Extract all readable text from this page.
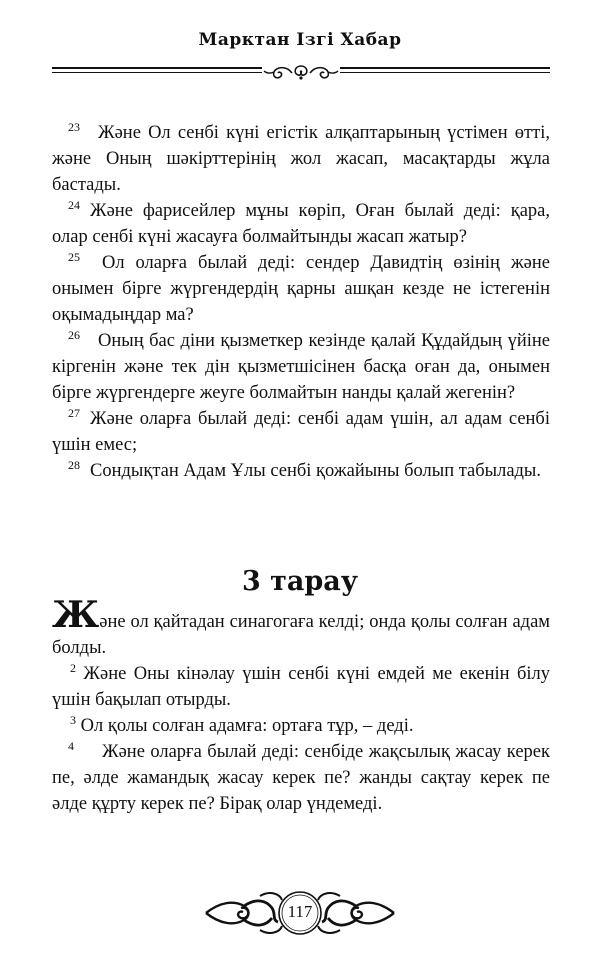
Марктан Ізгі Хабар

$^{23}$ Және Ол сенбі күні егістік алқаптарының үстімен өтті, және Оның шәкірттерінің жол жасап, масақтарды жұла бастады.

$^{24}$ Және фарисейлер мұны көріп, Оған былай деді: қара, олар сенбі күні жасауға болмайтынды жасап жатыр?

$^{25}$ Ол оларға былай деді: сендер Давидтің өзінің және онымен бірге жүргендердің қарны ашқан кезде не істегенін оқымадыңдар ма?

$^{26}$ Оның бас діни қызметкер кезінде қалай Құдайдың үйіне кіргенін және тек дін қызметшісінен басқа оған да, онымен бірге жүргендерге жеуге болмайтын нанды қалай жегенін?

$^{27}$ Және оларға былай деді: сенбі адам үшін, ал адам сенбі үшін емес;

$^{28}$ Сондықтан Адам Ұлы сенбі қожайыны болып табылады.

3 тарау

Және ол қайтадан синагогаға келді; онда қолы солған адам болды.

$^2$ Және Оны кінәлау үшін сенбі күні емдей ме екенін білу үшін бақылап отырды.

$^3$ Ол қолы солған адамға: ортаға тұр, – деді.

$^4$ Және оларға былай деді: сенбіде жақсылық жасау керек пе, әлде жамандық жасау керек пе? жанды сақтау керек пе әлде құрту керек пе? Бірақ олар үндемеді.

117
